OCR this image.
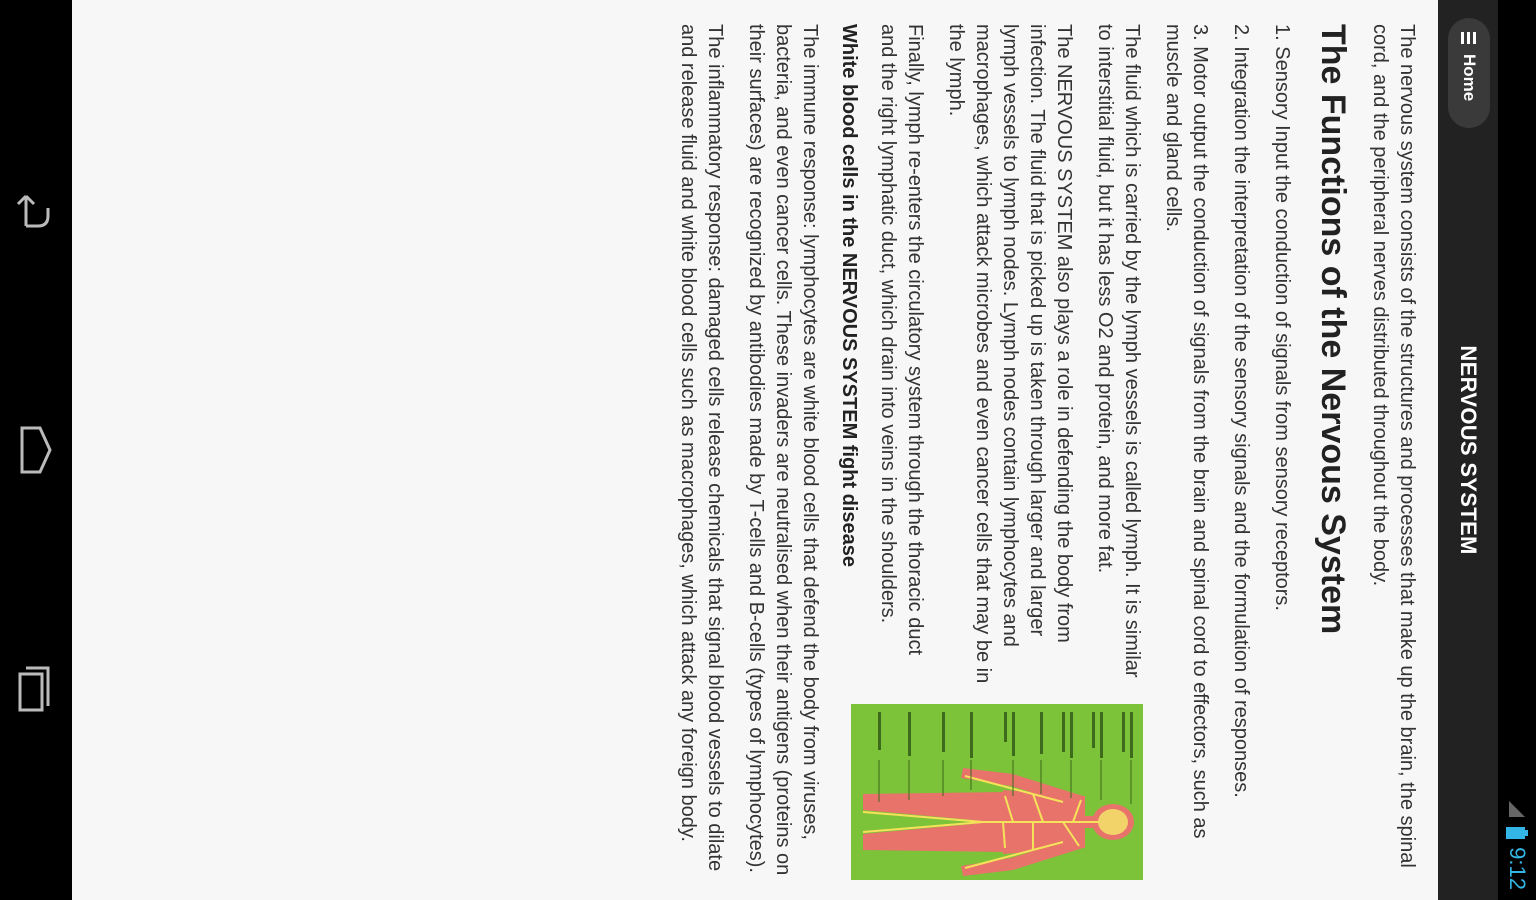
9:12
NERVOUS SYSTEM
Home

The nervous system consists of the structures and processes that make up the brain, the spinal cord, and the peripheral nerves distributed throughout the body.

The Functions of the Nervous System

1. Sensory Input the conduction of signals from sensory receptors.

2. Integration the interpretation of the sensory signals and the formulation of responses.

3. Motor output the conduction of signals from the brain and spinal cord to effectors, such as muscle and gland cells.

The fluid which is carried by the lymph vessels is called lymph. It is similar to interstitial fluid, but it has less O2 and protein, and more fat.

The NERVOUS SYSTEM also plays a role in defending the body from infection. The fluid that is picked up is taken through larger and larger lymph vessels to lymph nodes. Lymph nodes contain lymphocytes and macrophages, which attack microbes and even cancer cells that may be in the lymph.

Finally, lymph re-enters the circulatory system through the thoracic duct and the right lymphatic duct, which drain into veins in the shoulders.

White blood cells in the NERVOUS SYSTEM fight disease

The immune response: lymphocytes are white blood cells that defend the body from viruses, bacteria, and even cancer cells. These invaders are neutralised when their antigens (proteins on their surfaces) are recognized by antibodies made by T-cells and B-cells (types of lymphocytes).

The inflammatory response: damaged cells release chemicals that signal blood vessels to dilate and release fluid and white blood cells such as macrophages, which attack any foreign body.
